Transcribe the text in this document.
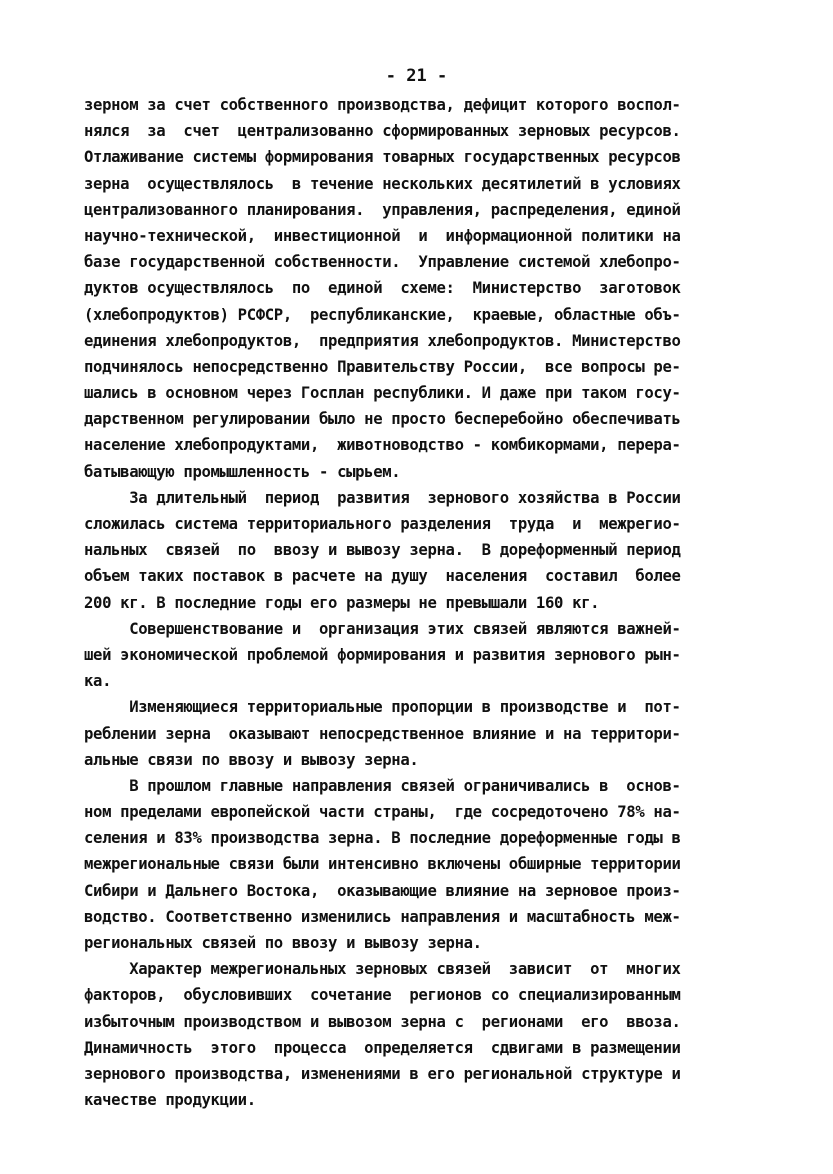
- 21 -
зерном за счет собственного производства, дефицит которого воспол-
нялся  за  счет  централизованно сформированных зерновых ресурсов.
Отлаживание системы формирования товарных государственных ресурсов
зерна  осуществлялось  в течение нескольких десятилетий в условиях
централизованного планирования.  управления, распределения, единой
научно-технической,  инвестиционной  и  информационной политики на
базе государственной собственности.  Управление системой хлебопро-
дуктов осуществлялось  по  единой  схеме:  Министерство  заготовок
(хлебопродуктов) РСФСР,  республиканские,  краевые, областные объ-
единения хлебопродуктов,  предприятия хлебопродуктов. Министерство
подчинялось непосредственно Правительству России,  все вопросы ре-
шались в основном через Госплан республики. И даже при таком госу-
дарственном регулировании было не просто бесперебойно обеспечивать
население хлебопродуктами,  животноводство - комбикормами, перера-
батывающую промышленность - сырьем.
За длительный  период  развития  зернового хозяйства в России
сложилась система территориального разделения  труда  и  межрегио-
нальных  связей  по  ввозу и вывозу зерна.  В дореформенный период
объем таких поставок в расчете на душу  населения  составил  более
200 кг. В последние годы его размеры не превышали 160 кг.
Совершенствование и  организация этих связей являются важней-
шей экономической проблемой формирования и развития зернового рын-
ка.
Изменяющиеся территориальные пропорции в производстве и  пот-
реблении зерна  оказывают непосредственное влияние и на территори-
альные связи по ввозу и вывозу зерна.
В прошлом главные направления связей ограничивались в  основ-
ном пределами европейской части страны,  где сосредоточено 78% на-
селения и 83% производства зерна. В последние дореформенные годы в
межрегиональные связи были интенсивно включены обширные территории
Сибири и Дальнего Востока,  оказывающие влияние на зерновое произ-
водство. Соответственно изменились направления и масштабность меж-
региональных связей по ввозу и вывозу зерна.
Характер межрегиональных зерновых связей  зависит  от  многих
факторов,  обусловивших  сочетание  регионов со специализированным
избыточным производством и вывозом зерна с  регионами  его  ввоза.
Динамичность  этого  процесса  определяется  сдвигами в размещении
зернового производства, изменениями в его региональной структуре и
качестве продукции.
